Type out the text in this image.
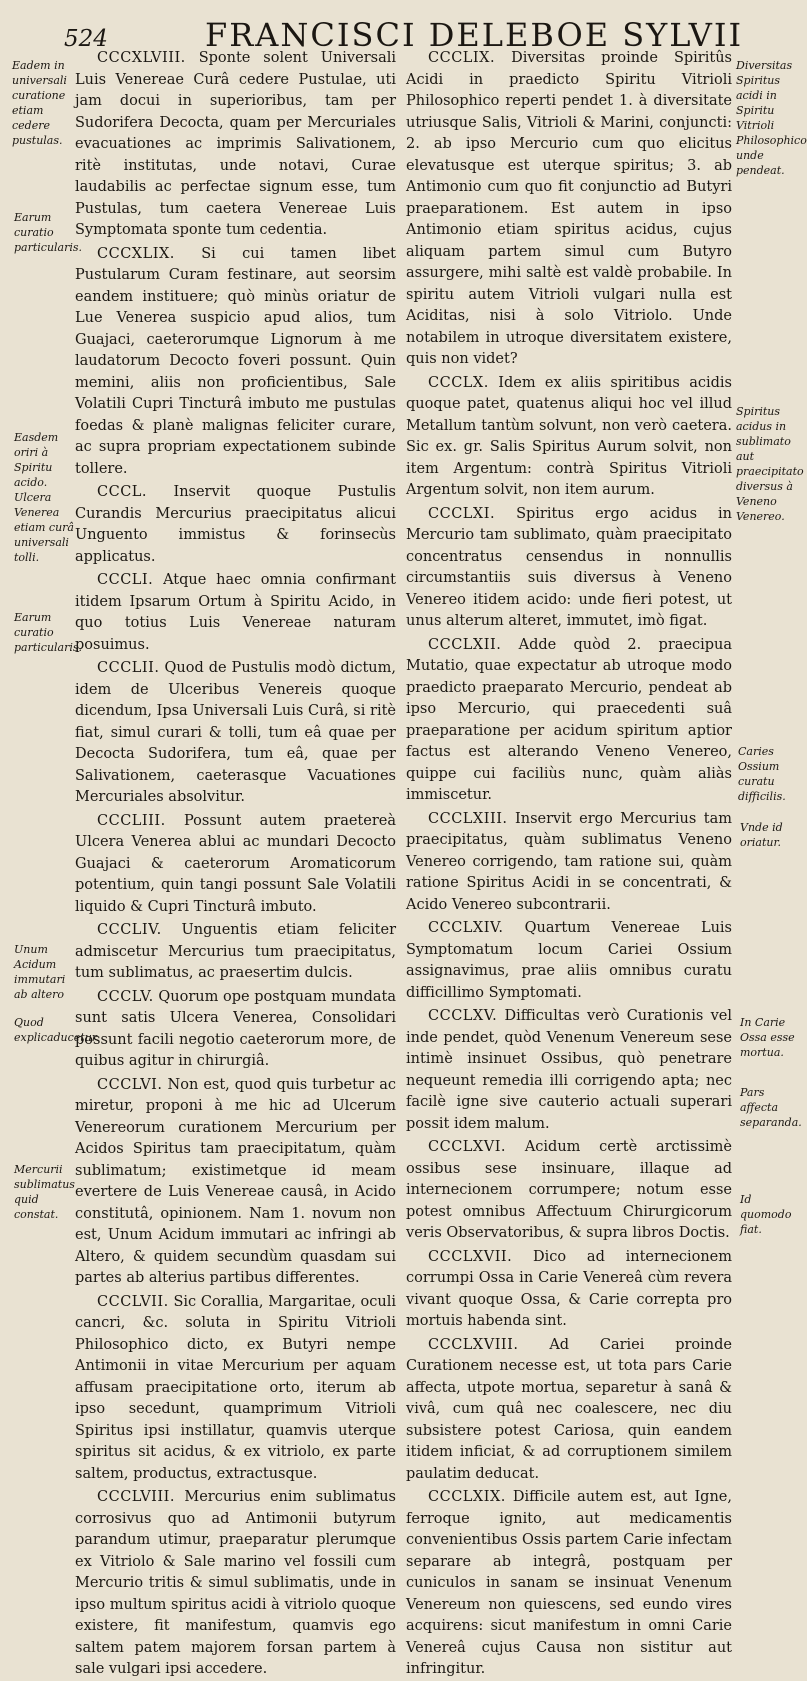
524	FRANCISCI DELEBOE SYLVII

Eadem in universali curatione etiam cedere pustulas.

Earum curatio particularis.

Easdem oriri à Spiritu acido. Ulcera Venerea etiam curâ universali tolli.

Earum curatio particularis.

Unum Acidum immutari ab altero

Quod explicaducetur.

Mercurii sublimatus quid constat.

Diversitas Spiritus acidi in Spiritu Vitrioli Philosophico unde pendeat.

Spiritus acidus in sublimato aut praecipitato diversus à Veneno Venereo.

Caries Ossium curatu difficilis.

Vnde id oriatur.

In Carie Ossa esse mortua.

Pars affecta separanda.

Id quomodo fiat.

CCCXLVIII. Sponte solent Universali Luis Venereae Curâ cedere Pustulae, uti jam docui in superioribus, tam per Sudorifera Decocta, quam per Mercuriales evacuationes ac imprimis Salivationem, ritè institutas, unde notavi, Curae laudabilis ac perfectae signum esse, tum Pustulas, tum caetera Venereae Luis Symptomata sponte tum cedentia.

CCCXLIX. Si cui tamen libet Pustularum Curam festinare, aut seorsim eandem instituere; quò minùs oriatur de Lue Venerea suspicio apud alios, tum Guajaci, caeterorumque Lignorum à me laudatorum Decocto foveri possunt. Quin memini, aliis non proficientibus, Sale Volatili Cupri Tincturâ imbuto me pustulas foedas & planè malignas feliciter curare, ac supra propriam expectationem subinde tollere.

CCCL. Inservit quoque Pustulis Curandis Mercurius praecipitatus alicui Unguento immistus & forinsecùs applicatus.

CCCLI. Atque haec omnia confirmant itidem Ipsarum Ortum à Spiritu Acido, in quo totius Luis Venereae naturam posuimus.

CCCLII. Quod de Pustulis modò dictum, idem de Ulceribus Venereis quoque dicendum, Ipsa Universali Luis Curâ, si ritè fiat, simul curari & tolli, tum eâ quae per Decocta Sudorifera, tum eâ, quae per Salivationem, caeterasque Vacuationes Mercuriales absolvitur.

CCCLIII. Possunt autem praetereà Ulcera Venerea ablui ac mundari Decocto Guajaci & caeterorum Aromaticorum potentium, quin tangi possunt Sale Volatili liquido & Cupri Tincturâ imbuto.

CCCLIV. Unguentis etiam feliciter admiscetur Mercurius tum praecipitatus, tum sublimatus, ac praesertim dulcis.

CCCLV. Quorum ope postquam mundata sunt satis Ulcera Venerea, Consolidari possunt facili negotio caeterorum more, de quibus agitur in chirurgiâ.

CCCLVI. Non est, quod quis turbetur ac miretur, proponi à me hic ad Ulcerum Venereorum curationem Mercurium per Acidos Spiritus tam praecipitatum, quàm sublimatum; existimetque id meam evertere de Luis Venereae causâ, in Acido constitutâ, opinionem. Nam 1. novum non est, Unum Acidum immutari ac infringi ab Altero, & quidem secundùm quasdam sui partes ab alterius partibus differentes.

CCCLVII. Sic Corallia, Margaritae, oculi cancri, &c. soluta in Spiritu Vitrioli Philosophico dicto, ex Butyri nempe Antimonii in vitae Mercurium per aquam affusam praecipitatione orto, iterum ab ipso secedunt, quamprimum Vitrioli Spiritus ipsi instillatur, quamvis uterque spiritus sit acidus, & ex vitriolo, ex parte saltem, productus, extractusque.

CCCLVIII. Mercurius enim sublimatus corrosivus quo ad Antimonii butyrum parandum utimur, praeparatur plerumque ex Vitriolo & Sale marino vel fossili cum Mercurio tritis & simul sublimatis, unde in ipso multum spiritus acidi à vitriolo quoque existere, fit manifestum, quamvis ego saltem patem majorem forsan partem à sale vulgari ipsi accedere.

CCCLIX. Diversitas proinde Spiritûs Acidi in praedicto Spiritu Vitrioli Philosophico reperti pendet 1. à diversitate utriusque Salis, Vitrioli & Marini, conjuncti: 2. ab ipso Mercurio cum quo elicitus elevatusque est uterque spiritus; 3. ab Antimonio cum quo fit conjunctio ad Butyri praeparationem. Est autem in ipso Antimonio etiam spiritus acidus, cujus aliquam partem simul cum Butyro assurgere, mihi saltè est valdè probabile. In spiritu autem Vitrioli vulgari nulla est Aciditas, nisi à solo Vitriolo. Unde notabilem in utroque diversitatem existere, quis non videt?

CCCLX. Idem ex aliis spiritibus acidis quoque patet, quatenus aliqui hoc vel illud Metallum tantùm solvunt, non verò caetera. Sic ex. gr. Salis Spiritus Aurum solvit, non item Argentum: contrà Spiritus Vitrioli Argentum solvit, non item aurum.

CCCLXI. Spiritus ergo acidus in Mercurio tam sublimato, quàm praecipitato concentratus censendus in nonnullis circumstantiis suis diversus à Veneno Venereo itidem acido: unde fieri potest, ut unus alterum alteret, immutet, imò figat.

CCCLXII. Adde quòd 2. praecipua Mutatio, quae expectatur ab utroque modo praedicto praeparato Mercurio, pendeat ab ipso Mercurio, qui praecedenti suâ praeparatione per acidum spiritum aptior factus est alterando Veneno Venereo, quippe cui faciliùs nunc, quàm aliàs immiscetur.

CCCLXIII. Inservit ergo Mercurius tam praecipitatus, quàm sublimatus Veneno Venereo corrigendo, tam ratione sui, quàm ratione Spiritus Acidi in se concentrati, & Acido Venereo subcontrarii.

CCCLXIV. Quartum Venereae Luis Symptomatum locum Cariei Ossium assignavimus, prae aliis omnibus curatu difficillimo Symptomati.

CCCLXV. Difficultas verò Curationis vel inde pendet, quòd Venenum Venereum sese intimè insinuet Ossibus, quò penetrare nequeunt remedia illi corrigendo apta; nec facilè igne sive cauterio actuali superari possit idem malum.

CCCLXVI. Acidum certè arctissimè ossibus sese insinuare, illaque ad internecionem corrumpere; notum esse potest omnibus Affectuum Chirurgicorum veris Observatoribus, & supra libros Doctis.

CCCLXVII. Dico ad internecionem corrumpi Ossa in Carie Venereâ cùm revera vivant quoque Ossa, & Carie correpta pro mortuis habenda sint.

CCCLXVIII. Ad Cariei proinde Curationem necesse est, ut tota pars Carie affecta, utpote mortua, separetur à sanâ & vivâ, cum quâ nec coalescere, nec diu subsistere potest Cariosa, quin eandem itidem inficiat, & ad corruptionem similem paulatim deducat.

CCCLXIX. Difficile autem est, aut Igne, ferroque ignito, aut medicamentis convenientibus Ossis partem Carie infectam separare ab integrâ, postquam per cuniculos in sanam se insinuat Venenum Venereum non quiescens, sed eundo vires acquirens: sicut manifestum in omni Carie Venereâ cujus Causa non sistitur aut infringitur.
